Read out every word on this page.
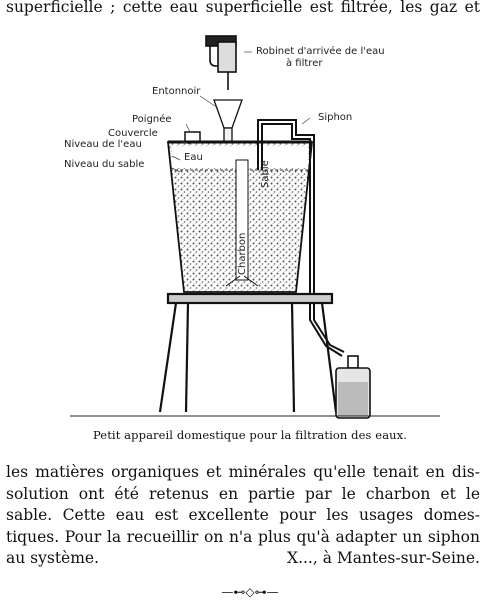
superficielle ; cette eau superficielle est filtrée, les gaz et
Robinet d'arrivée de l'eau
à filtrer
Entonnoir
Poignée	Siphon
Couvercle
Niveau de l'eau
Niveau du sable
Eau
Charbon
Sable
Petit appareil domestique pour la filtration des eaux.
les matières organiques et minérales qu'elle tenait en dis-
solution ont été retenus en partie par le charbon et le
sable. Cette eau est excellente pour les usages domes-
tiques. Pour la recueillir on n'a plus qu'à adapter un siphon
au système.	X..., à Mantes-sur-Seine.
—⊷◇⊶—
